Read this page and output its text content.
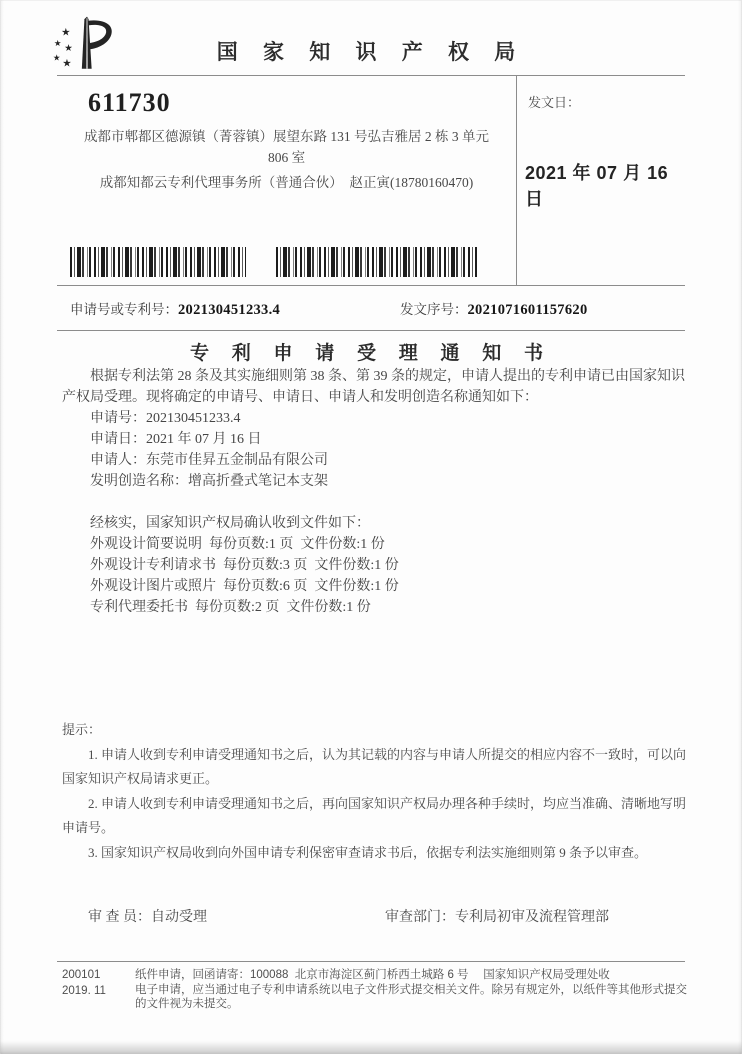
★
★
★
★
★
国 家 知 识 产 权 局
611730

成都市郫都区德源镇（菁蓉镇）展望东路 131 号弘吉雅居 2 栋 3 单元

806 室

成都知都云专利代理事务所（普通合伙）　赵正寅(18780160470)
发文日：
2021 年 07 月 16 日
申请号或专利号：202130451233.4	发文序号：2021071601157620
专 利 申 请 受 理 通 知 书

根据专利法第 28 条及其实施细则第 38 条、第 39 条的规定，申请人提出的专利申请已由国家知识产权局受理。现将确定的申请号、申请日、申请人和发明创造名称通知如下：

申请号：202130451233.4
申请日：2021 年 07 月 16 日
申请人：东莞市佳昇五金制品有限公司
发明创造名称：增高折叠式笔记本支架
经核实，国家知识产权局确认收到文件如下：
外观设计简要说明  每份页数:1 页  文件份数:1 份
外观设计专利请求书  每份页数:3 页  文件份数:1 份
外观设计图片或照片  每份页数:6 页  文件份数:1 份
专利代理委托书  每份页数:2 页  文件份数:1 份

提示：

1. 申请人收到专利申请受理通知书之后，认为其记载的内容与申请人所提交的相应内容不一致时，可以向国家知识产权局请求更正。

2. 申请人收到专利申请受理通知书之后，再向国家知识产权局办理各种手续时，均应当准确、清晰地写明申请号。

3. 国家知识产权局收到向外国申请专利保密审查请求书后，依据专利法实施细则第 9 条予以审查。

审 查 员：自动受理	审查部门：专利局初审及流程管理部
200101
2019. 11
纸件申请，回函请寄：100088  北京市海淀区蓟门桥西土城路 6 号　 国家知识产权局受理处收
电子申请，应当通过电子专利申请系统以电子文件形式提交相关文件。除另有规定外，以纸件等其他形式提交的文件视为未提交。
